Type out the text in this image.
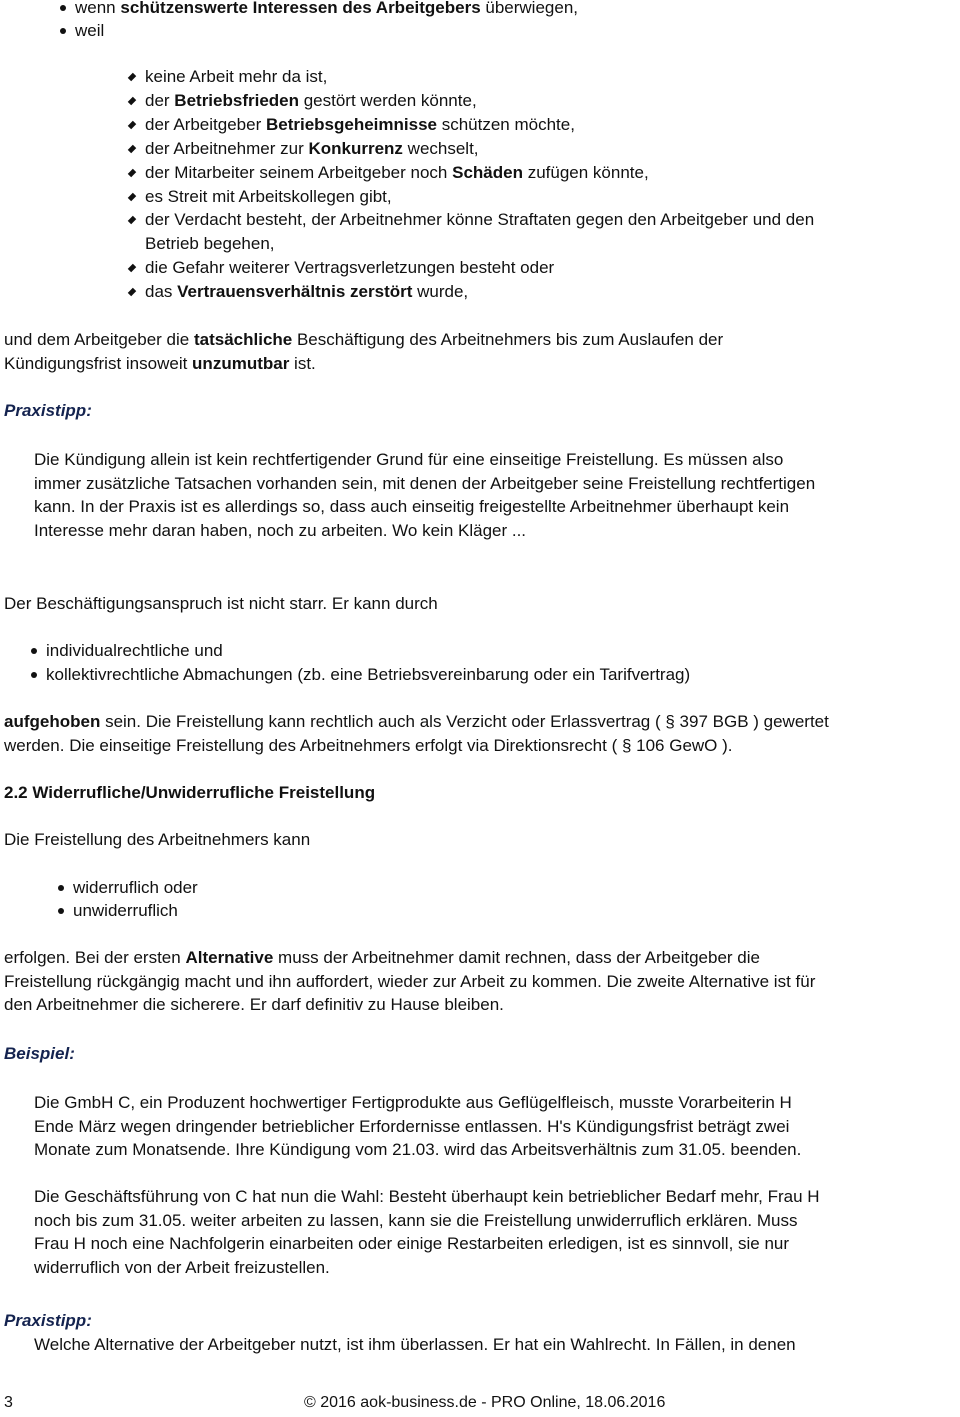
wenn schützenswerte Interessen des Arbeitgebers überwiegen,
weil
keine Arbeit mehr da ist,
der Betriebsfrieden gestört werden könnte,
der Arbeitgeber Betriebsgeheimnisse schützen möchte,
der Arbeitnehmer zur Konkurrenz wechselt,
der Mitarbeiter seinem Arbeitgeber noch Schäden zufügen könnte,
es Streit mit Arbeitskollegen gibt,
der Verdacht besteht, der Arbeitnehmer könne Straftaten gegen den Arbeitgeber und den
Betrieb begehen,
die Gefahr weiterer Vertragsverletzungen besteht oder
das Vertrauensverhältnis zerstört wurde,
und dem Arbeitgeber die tatsächliche Beschäftigung des Arbeitnehmers bis zum Auslaufen der
Kündigungsfrist insoweit unzumutbar ist.
Praxistipp:
Die Kündigung allein ist kein rechtfertigender Grund für eine einseitige Freistellung. Es müssen also
immer zusätzliche Tatsachen vorhanden sein, mit denen der Arbeitgeber seine Freistellung rechtfertigen
kann. In der Praxis ist es allerdings so, dass auch einseitig freigestellte Arbeitnehmer überhaupt kein
Interesse mehr daran haben, noch zu arbeiten. Wo kein Kläger ...
Der Beschäftigungsanspruch ist nicht starr. Er kann durch
individualrechtliche und
kollektivrechtliche Abmachungen (zb. eine Betriebsvereinbarung oder ein Tarifvertrag)
aufgehoben sein. Die Freistellung kann rechtlich auch als Verzicht oder Erlassvertrag ( § 397 BGB ) gewertet
werden. Die einseitige Freistellung des Arbeitnehmers erfolgt via Direktionsrecht ( § 106 GewO ).
2.2 Widerrufliche/Unwiderrufliche Freistellung
Die Freistellung des Arbeitnehmers kann
widerruflich oder
unwiderruflich
erfolgen. Bei der ersten Alternative muss der Arbeitnehmer damit rechnen, dass der Arbeitgeber die
Freistellung rückgängig macht und ihn auffordert, wieder zur Arbeit zu kommen. Die zweite Alternative ist für
den Arbeitnehmer die sicherere. Er darf definitiv zu Hause bleiben.
Beispiel:
Die GmbH C, ein Produzent hochwertiger Fertigprodukte aus Geflügelfleisch, musste Vorarbeiterin H
Ende März wegen dringender betrieblicher Erfordernisse entlassen. H's Kündigungsfrist beträgt zwei
Monate zum Monatsende. Ihre Kündigung vom 21.03. wird das Arbeitsverhältnis zum 31.05. beenden.
Die Geschäftsführung von C hat nun die Wahl: Besteht überhaupt kein betrieblicher Bedarf mehr, Frau H
noch bis zum 31.05. weiter arbeiten zu lassen, kann sie die Freistellung unwiderruflich erklären. Muss
Frau H noch eine Nachfolgerin einarbeiten oder einige Restarbeiten erledigen, ist es sinnvoll, sie nur
widerruflich von der Arbeit freizustellen.
Praxistipp:
Welche Alternative der Arbeitgeber nutzt, ist ihm überlassen. Er hat ein Wahlrecht. In Fällen, in denen
3	© 2016 aok-business.de - PRO Online, 18.06.2016
